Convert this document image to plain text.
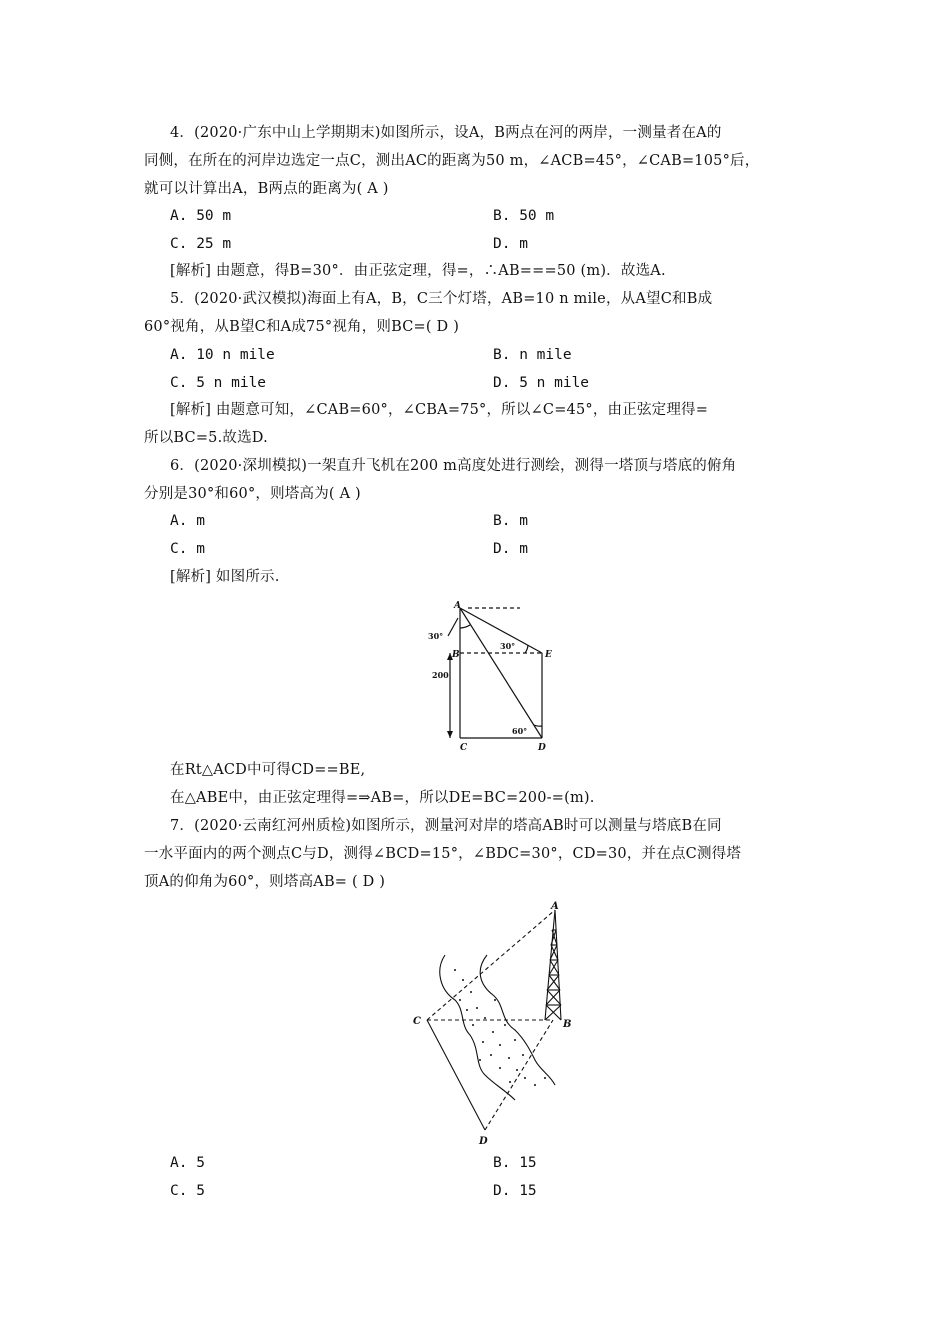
4．(2020·广东中山上学期期末)如图所示，设A，B两点在河的两岸，一测量者在A的
同侧，在所在的河岸边选定一点C，测出AC的距离为50 m，∠ACB=45°，∠CAB=105°后，
就可以计算出A，B两点的距离为( A )
A. 50 m	B. 50 m
C. 25 m	D. m
[解析] 由题意，得B=30°．由正弦定理，得=，∴AB===50 (m)．故选A.
5．(2020·武汉模拟)海面上有A，B，C三个灯塔，AB=10 n mile，从A望C和B成
60°视角，从B望C和A成75°视角，则BC=( D )
A. 10 n mile	B. n mile
C. 5 n mile	D. 5 n mile
[解析] 由题意可知，∠CAB=60°，∠CBA=75°，所以∠C=45°，由正弦定理得=
所以BC=5.故选D.
6．(2020·深圳模拟)一架直升飞机在200 m高度处进行测绘，测得一塔顶与塔底的俯角
分别是30°和60°，则塔高为( A )
A. m	B. m
C. m	D. m
[解析] 如图所示.
A
B
C	D
E
30°
30°
60°
200
在Rt△ACD中可得CD==BE,
在△ABE中，由正弦定理得=⇒AB=，所以DE=BC=200-=(m).
7．(2020·云南红河州质检)如图所示，测量河对岸的塔高AB时可以测量与塔底B在同
一水平面内的两个测点C与D，测得∠BCD=15°，∠BDC=30°，CD=30，并在点C测得塔
顶A的仰角为60°，则塔高AB= ( D )
A
B
C
D
A. 5	B. 15
C. 5	D. 15
